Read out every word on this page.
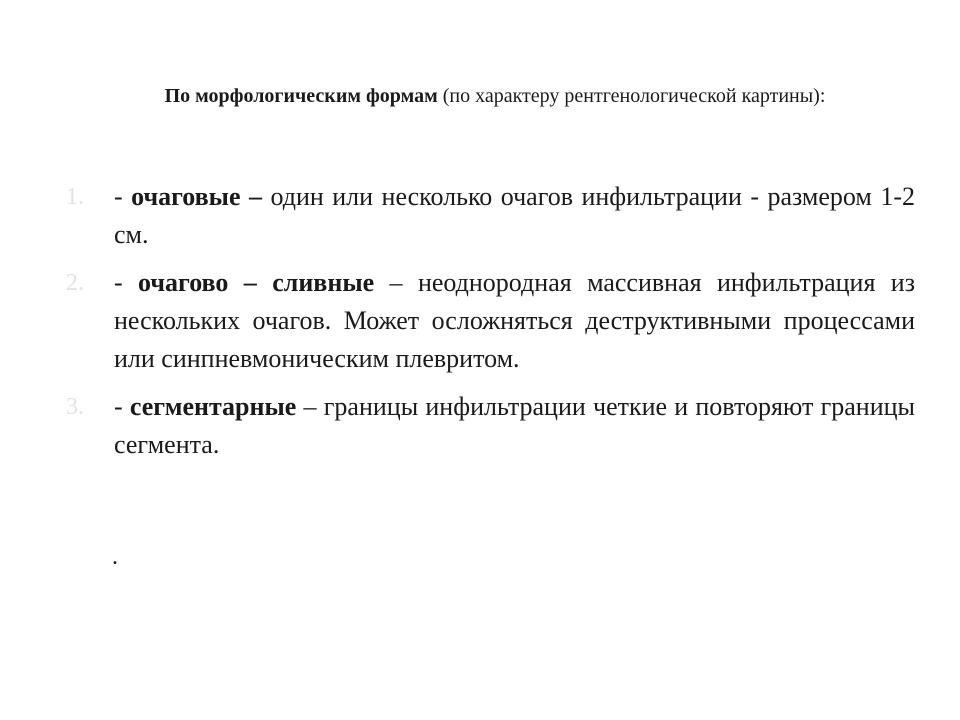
По морфологическим формам (по характеру рентгенологической картины):
1. - очаговые – один или несколько очагов инфильтрации - размером 1-2 см.
2. - очагово – сливные – неоднородная массивная инфильтрация из нескольких очагов. Может осложняться деструктивными процессами или синпневмоническим плевритом.
3. - сегментарные – границы инфильтрации четкие и повторяют границы сегмента.
.
